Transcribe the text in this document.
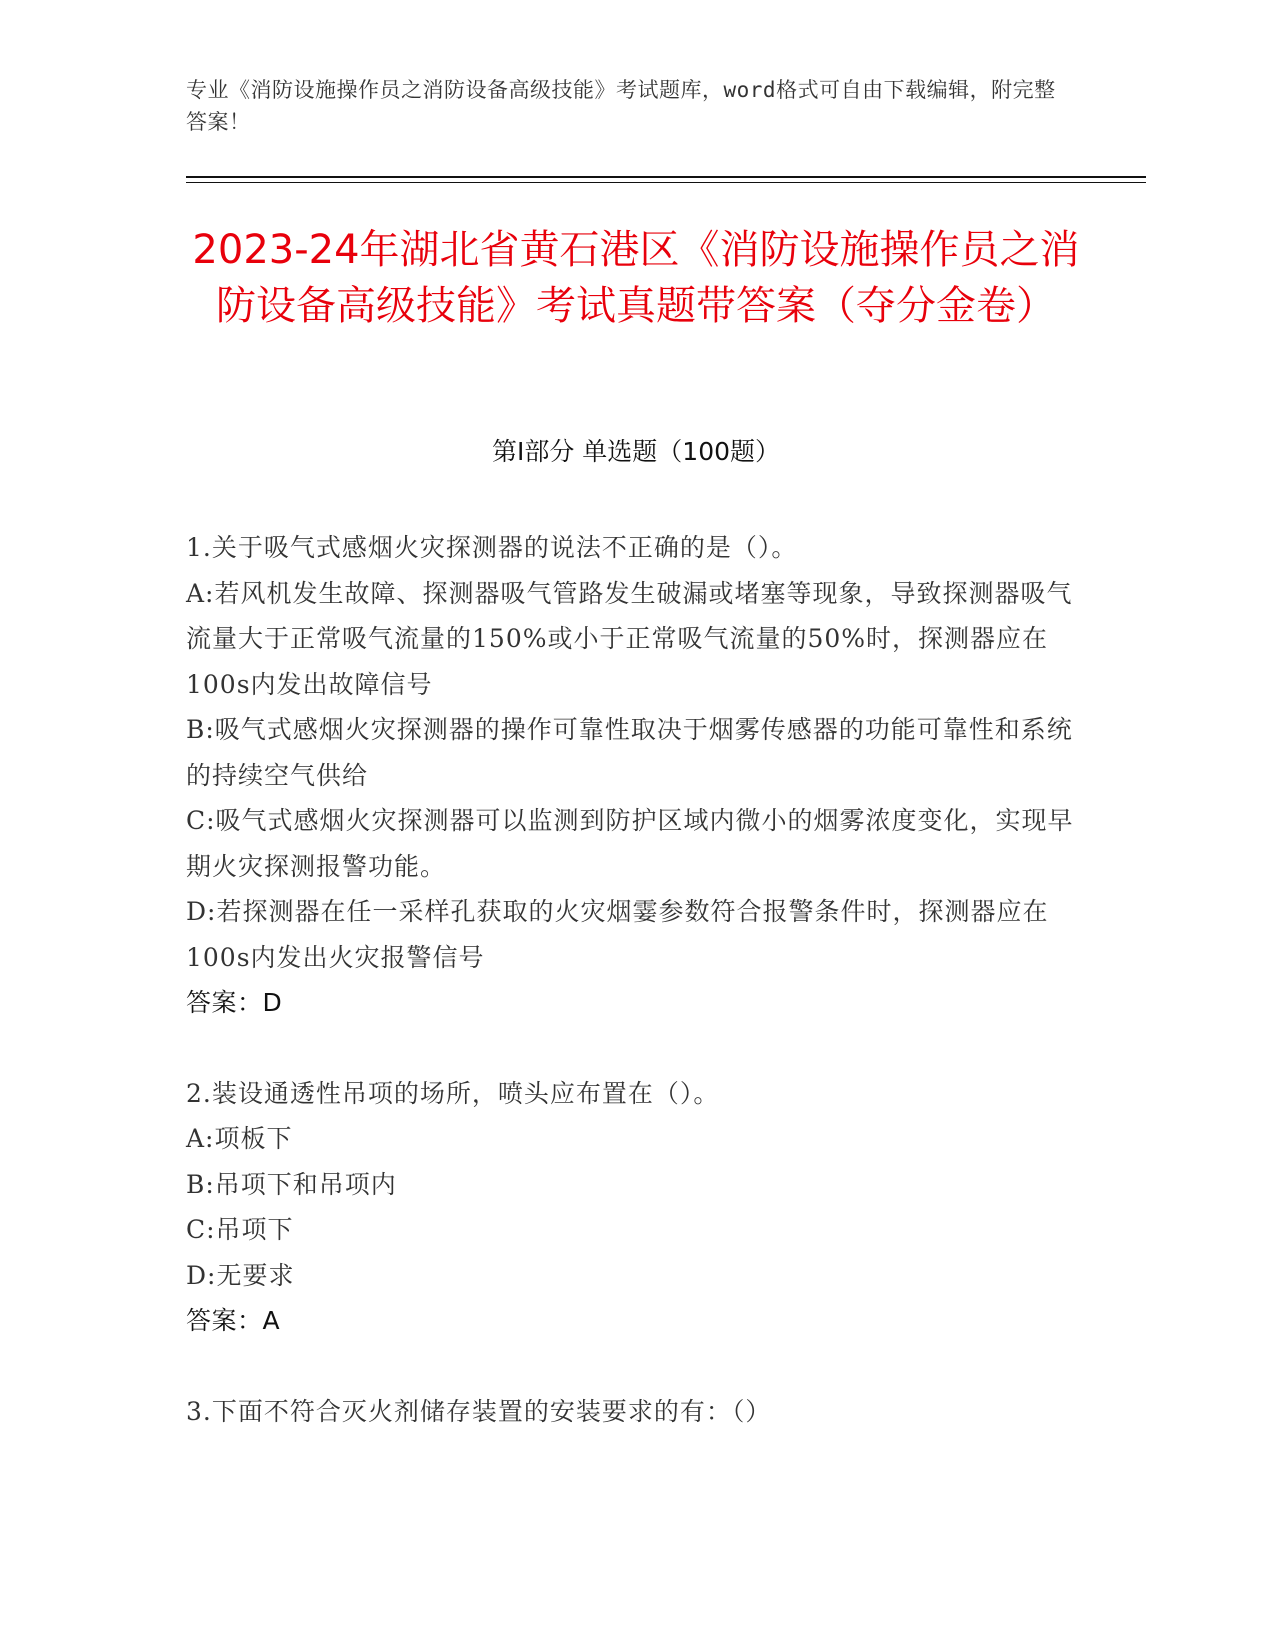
专业《消防设施操作员之消防设备高级技能》考试题库，word格式可自由下载编辑，附完整答案！
2023-24年湖北省黄石港区《消防设施操作员之消防设备高级技能》考试真题带答案（夺分金卷）
第I部分 单选题（100题）

1.关于吸气式感烟火灾探测器的说法不正确的是（）。

A:若风机发生故障、探测器吸气管路发生破漏或堵塞等现象，导致探测器吸气流量大于正常吸气流量的150%或小于正常吸气流量的50%时，探测器应在100s内发出故障信号

B:吸气式感烟火灾探测器的操作可靠性取决于烟雾传感器的功能可靠性和系统的持续空气供给

C:吸气式感烟火灾探测器可以监测到防护区域内微小的烟雾浓度变化，实现早期火灾探测报警功能。

D:若探测器在任一采样孔获取的火灾烟霎参数符合报警条件时，探测器应在100s内发出火灾报警信号

答案：D

2.装设通透性吊项的场所，喷头应布置在（）。

A:项板下

B:吊项下和吊项内

C:吊项下

D:无要求

答案：A

3.下面不符合灭火剂储存装置的安装要求的有：（）
